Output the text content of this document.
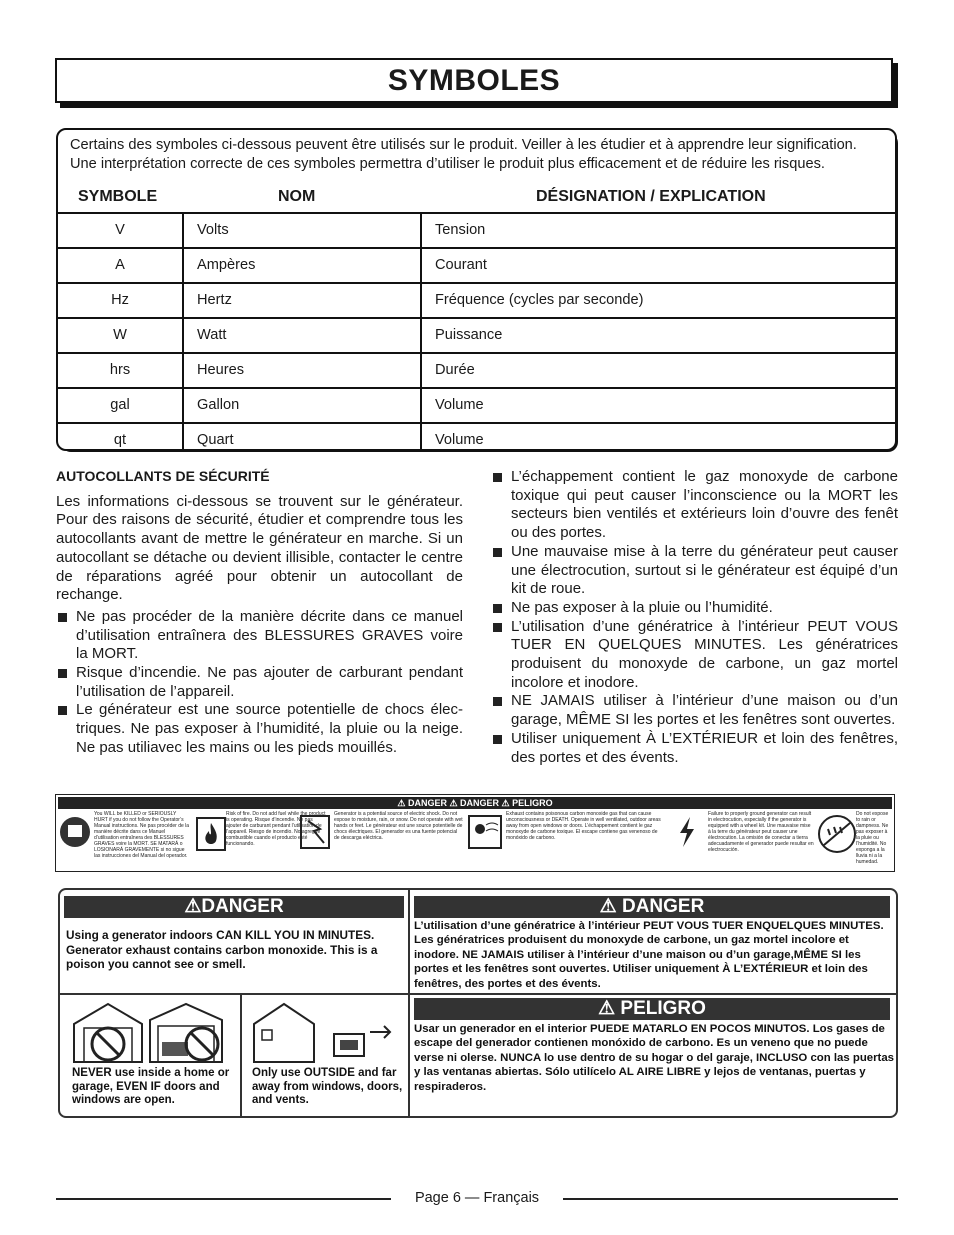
SYMBOLES
Certains des symboles ci-dessous peuvent être utilisés sur le produit. Veiller à les étudier et à apprendre leur signification. Une interprétation correcte de ces symboles permettra d’utiliser le produit plus efficacement et de réduire les risques.
SYMBOLE	NOM	DÉSIGNATION / EXPLICATION
V	Volts	Tension
A	Ampères	Courant
Hz	Hertz	Fréquence (cycles par seconde)
W	Watt	Puissance
hrs	Heures	Durée
gal	Gallon	Volume
qt	Quart	Volume

AUTOCOLLANTS DE SÉCURITÉ

Les informations ci-dessous se trouvent sur le générateur. Pour des raisons de sécurité, étudier et comprendre tous les autocollants avant de mettre le générateur en marche. Si un autocollant se détache ou devient illisible, contacter le centre de réparations agréé pour obtenir un autocollant de rechange.

Ne pas procéder de la manière décrite dans ce manuel d’utilisation entraînera des BLESSURES GRAVES voire la MORT.

Risque d’incendie. Ne pas ajouter de carburant pendant l’utilisation de l’appareil.

Le générateur est une source potentielle de chocs électriques. Ne pas exposer à l’humidité, la pluie ou la neige. Ne pas utiliavec les mains ou les pieds mouillés.

L’échappement contient le gaz monoxyde de carbone toxique qui peut causer l’inconscience ou la MORT les secteurs bien ventilés et extérieurs loin d’ouvre des fenêt ou des portes.

Une mauvaise mise à la terre du générateur peut causer une électrocution, surtout si le générateur est équipé d’un kit de roue.

Ne pas exposer à la pluie ou l’humidité.

L’utilisation d’une génératrice à l’intérieur PEUT VOUS TUER EN QUELQUES MINUTES. Les génératrices produisent du monoxyde de carbone, un gaz mortel incolore et inodore.

NE JAMAIS utiliser à l’intérieur d’une maison ou d’un garage, MÊME SI les portes et les fenêtres sont ouvertes.

Utiliser uniquement À L’EXTÉRIEUR et loin des fenêtres, des portes et des évents.

⚠ DANGER ⚠ DANGER ⚠ PELIGRO
You WILL be KILLED or SERIOUSLY HURT if you do not follow the Operator’s Manual instructions. Ne pas procéder de la manière décrite dans ce Manuel d’utilisation entraînera des BLESSURES GRAVES voire la MORT. SE MATARÁ o LOSIONARÁ GRAVEMENTE si no sigue las instrucciones del Manual del operador.
Risk of fire. Do not add fuel while the product is operating. Risque d’incendie. Ne pas ajouter de carburant pendant l’utilisation de l’appareil. Riesgo de incendio. No agregue combustible cuando el producto esté funcionando.
Generator is a potential source of electric shock. Do not expose to moisture, rain, or snow. Do not operate with wet hands or feet. Le générateur est une source potentielle de chocs électriques. El generador es una fuente potencial de descarga eléctrica.
Exhaust contains poisonous carbon monoxide gas that can cause unconsciousness or DEATH. Operate in well ventilated, outdoor areas away from open windows or doors. L’échappement contient le gaz monoxyde de carbone toxique. El escape contiene gas venenoso de monóxido de carbono.
Failure to properly ground generator can result in electrocution, especially if the generator is equipped with a wheel kit. Une mauvaise mise à la terre du générateur peut causer une électrocution. La omisión de conectar a tierra adecuadamente el generador puede resultar en electrocución.
Do not expose to rain or dampness. Ne pas exposer à la pluie ou l’humidité. No exponga a la lluvia ni a la humedad.
⚠DANGER
Using a generator indoors CAN KILL YOU IN MINUTES. Generator exhaust contains carbon monoxide. This is a poison you cannot see or smell.
⚠ DANGER
L’utilisation d’une génératrice à l’intérieur PEUT VOUS TUER ENQUELQUES MINUTES. Les génératrices produisent du monoxyde de carbone, un gaz mortel incolore et inodore. NE JAMAIS utiliser à l’intérieur d’une maison ou d’un garage,MÊME SI les portes et les fenêtres sont ouvertes. Utiliser uniquement À L’EXTÉRIEUR et loin des fenêtres, des portes et des évents.
⚠ PELIGRO
Usar un generador en el interior PUEDE MATARLO EN POCOS MINUTOS. Los gases de escape del generador contienen monóxido de carbono. Es un veneno que no puede verse ni olerse. NUNCA lo use dentro de su hogar o del garaje, INCLUSO con las puertas y las ventanas abiertas. Sólo utilícelo AL AIRE LIBRE y lejos de ventanas, puertas y respiraderos.
NEVER use inside a home or garage, EVEN IF doors and windows are open.
Only use OUTSIDE and far away from windows, doors, and vents.
Page 6 — Français
